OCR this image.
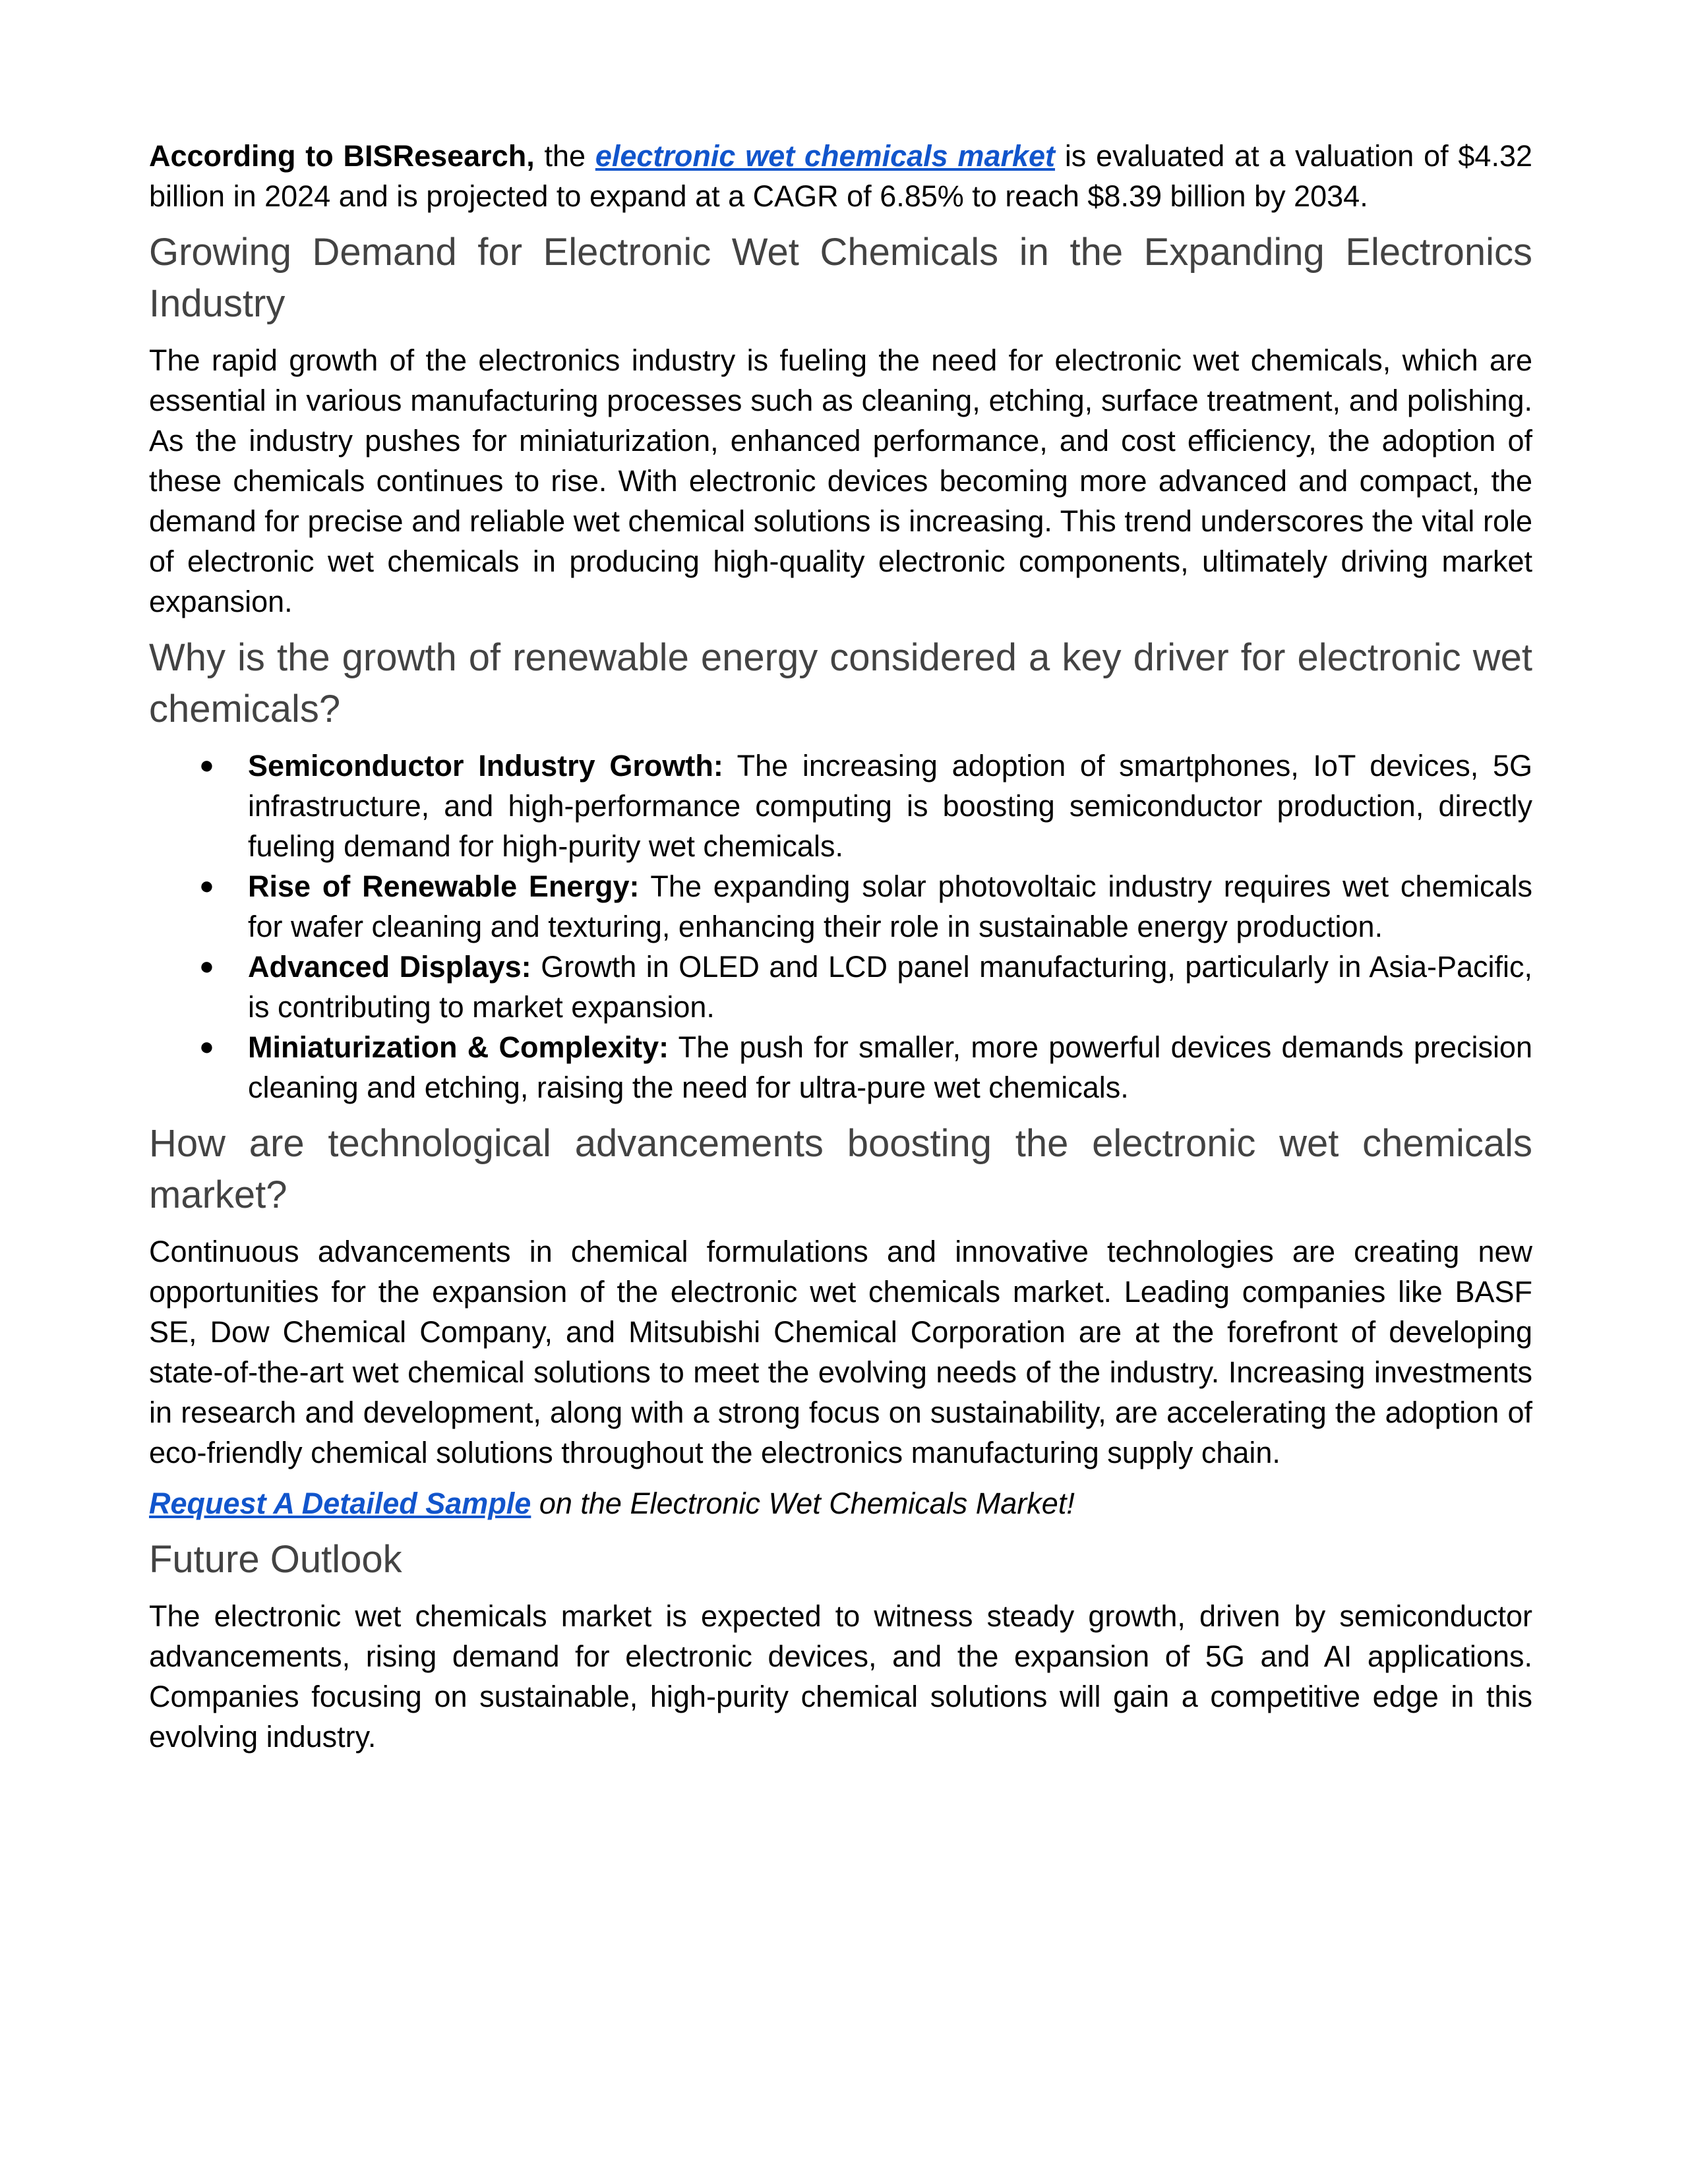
According to BISResearch, the electronic wet chemicals market is evaluated at a valuation of $4.32 billion in 2024 and is projected to expand at a CAGR of 6.85% to reach $8.39 billion by 2034.

Growing Demand for Electronic Wet Chemicals in the Expanding Electronics Industry

The rapid growth of the electronics industry is fueling the need for electronic wet chemicals, which are essential in various manufacturing processes such as cleaning, etching, surface treatment, and polishing. As the industry pushes for miniaturization, enhanced performance, and cost efficiency, the adoption of these chemicals continues to rise. With electronic devices becoming more advanced and compact, the demand for precise and reliable wet chemical solutions is increasing. This trend underscores the vital role of electronic wet chemicals in producing high-quality electronic components, ultimately driving market expansion.

Why is the growth of renewable energy considered a key driver for electronic wet chemicals?
● Semiconductor Industry Growth: The increasing adoption of smartphones, IoT devices, 5G infrastructure, and high-performance computing is boosting semiconductor production, directly fueling demand for high-purity wet chemicals.
● Rise of Renewable Energy: The expanding solar photovoltaic industry requires wet chemicals for wafer cleaning and texturing, enhancing their role in sustainable energy production.
● Advanced Displays: Growth in OLED and LCD panel manufacturing, particularly in Asia-Pacific, is contributing to market expansion.
● Miniaturization & Complexity: The push for smaller, more powerful devices demands precision cleaning and etching, raising the need for ultra-pure wet chemicals.
How are technological advancements boosting the electronic wet chemicals market?

Continuous advancements in chemical formulations and innovative technologies are creating new opportunities for the expansion of the electronic wet chemicals market. Leading companies like BASF SE, Dow Chemical Company, and Mitsubishi Chemical Corporation are at the forefront of developing state-of-the-art wet chemical solutions to meet the evolving needs of the industry. Increasing investments in research and development, along with a strong focus on sustainability, are accelerating the adoption of eco-friendly chemical solutions throughout the electronics manufacturing supply chain.

Request A Detailed Sample on the Electronic Wet Chemicals Market!

Future Outlook

The electronic wet chemicals market is expected to witness steady growth, driven by semiconductor advancements, rising demand for electronic devices, and the expansion of 5G and AI applications. Companies focusing on sustainable, high-purity chemical solutions will gain a competitive edge in this evolving industry.
